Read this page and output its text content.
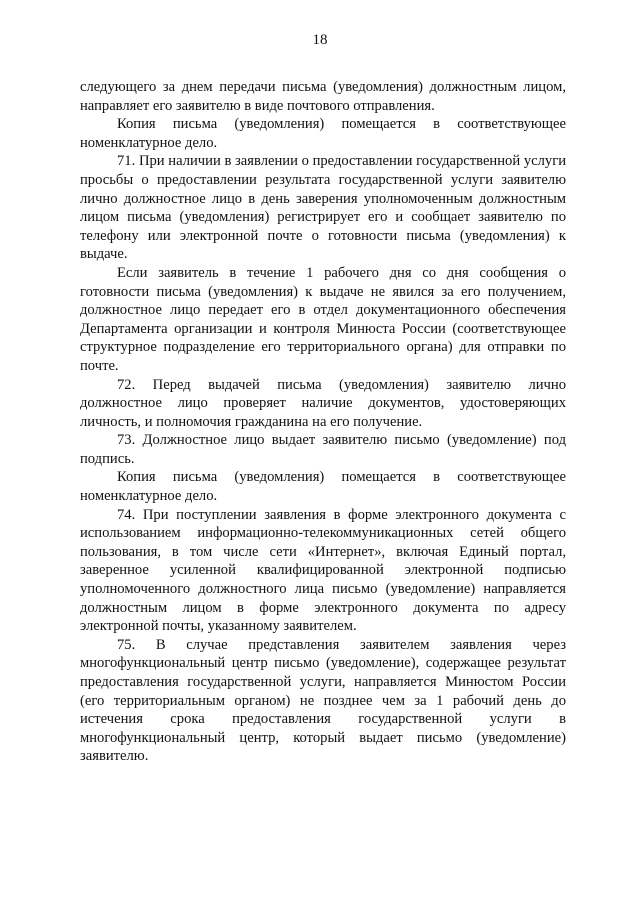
18

следующего за днем передачи письма (уведомления) должностным лицом, направляет его заявителю в виде почтового отправления.

Копия письма (уведомления) помещается в соответствующее номенклатурное дело.

71. При наличии в заявлении о предоставлении государственной услуги просьбы о предоставлении результата государственной услуги заявителю лично должностное лицо в день заверения уполномоченным должностным лицом письма (уведомления) регистрирует его и сообщает заявителю по телефону или электронной почте о готовности письма (уведомления) к выдаче.

Если заявитель в течение 1 рабочего дня со дня сообщения о готовности письма (уведомления) к выдаче не явился за его получением, должностное лицо передает его в отдел документационного обеспечения Департамента организации и контроля Минюста России (соответствующее структурное подразделение его территориального органа) для отправки по почте.

72. Перед выдачей письма (уведомления) заявителю лично должностное лицо проверяет наличие документов, удостоверяющих личность, и полномочия гражданина на его получение.

73. Должностное лицо выдает заявителю письмо (уведомление) под подпись.

Копия письма (уведомления) помещается в соответствующее номенклатурное дело.

74. При поступлении заявления в форме электронного документа с использованием информационно-телекоммуникационных сетей общего пользования, в том числе сети «Интернет», включая Единый портал, заверенное усиленной квалифицированной электронной подписью уполномоченного должностного лица письмо (уведомление) направляется должностным лицом в форме электронного документа по адресу электронной почты, указанному заявителем.

75. В случае представления заявителем заявления через многофункциональный центр письмо (уведомление), содержащее результат предоставления государственной услуги, направляется Минюстом России (его территориальным органом) не позднее чем за 1 рабочий день до истечения срока предоставления государственной услуги в многофункциональный центр, который выдает письмо (уведомление) заявителю.
